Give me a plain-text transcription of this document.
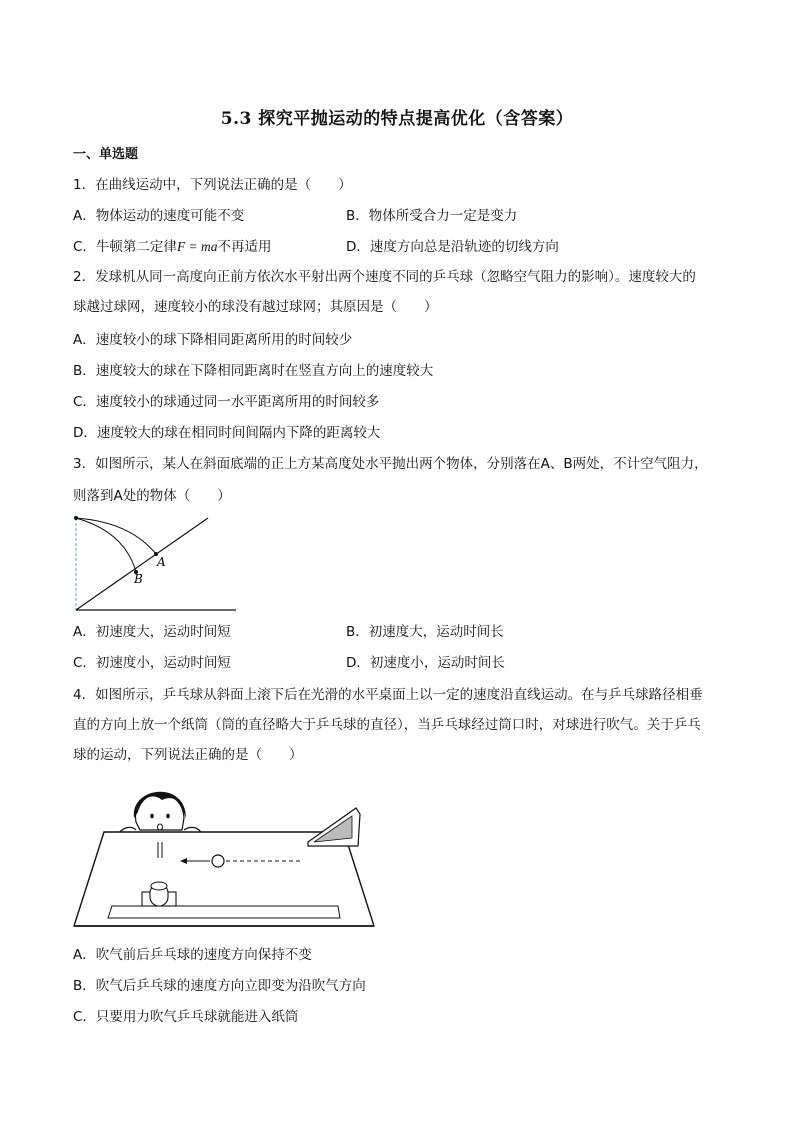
5.3 探究平抛运动的特点提高优化（含答案）
一、单选题
1．在曲线运动中，下列说法正确的是（　　）
A．物体运动的速度可能不变	B．物体所受合力一定是变力
C．牛顿第二定律F = ma不再适用	D．速度方向总是沿轨迹的切线方向
2．发球机从同一高度向正前方依次水平射出两个速度不同的乒乓球（忽略空气阻力的影响）。速度较大的
球越过球网，速度较小的球没有越过球网；其原因是（　　）
A．速度较小的球下降相同距离所用的时间较少
B．速度较大的球在下降相同距离时在竖直方向上的速度较大
C．速度较小的球通过同一水平距离所用的时间较多
D．速度较大的球在相同时间间隔内下降的距离较大
3．如图所示，某人在斜面底端的正上方某高度处水平抛出两个物体，分别落在A、B两处，不计空气阻力，
则落到A处的物体（　　）
A
B
A．初速度大，运动时间短	B．初速度大，运动时间长
C．初速度小，运动时间短	D．初速度小，运动时间长
4．如图所示，乒乓球从斜面上滚下后在光滑的水平桌面上以一定的速度沿直线运动。在与乒乓球路径相垂
直的方向上放一个纸筒（筒的直径略大于乒乓球的直径），当乒乓球经过筒口时，对球进行吹气。关于乒乓
球的运动，下列说法正确的是（　　）
A．吹气前后乒乓球的速度方向保持不变
B．吹气后乒乓球的速度方向立即变为沿吹气方向
C．只要用力吹气乒乓球就能进入纸筒
